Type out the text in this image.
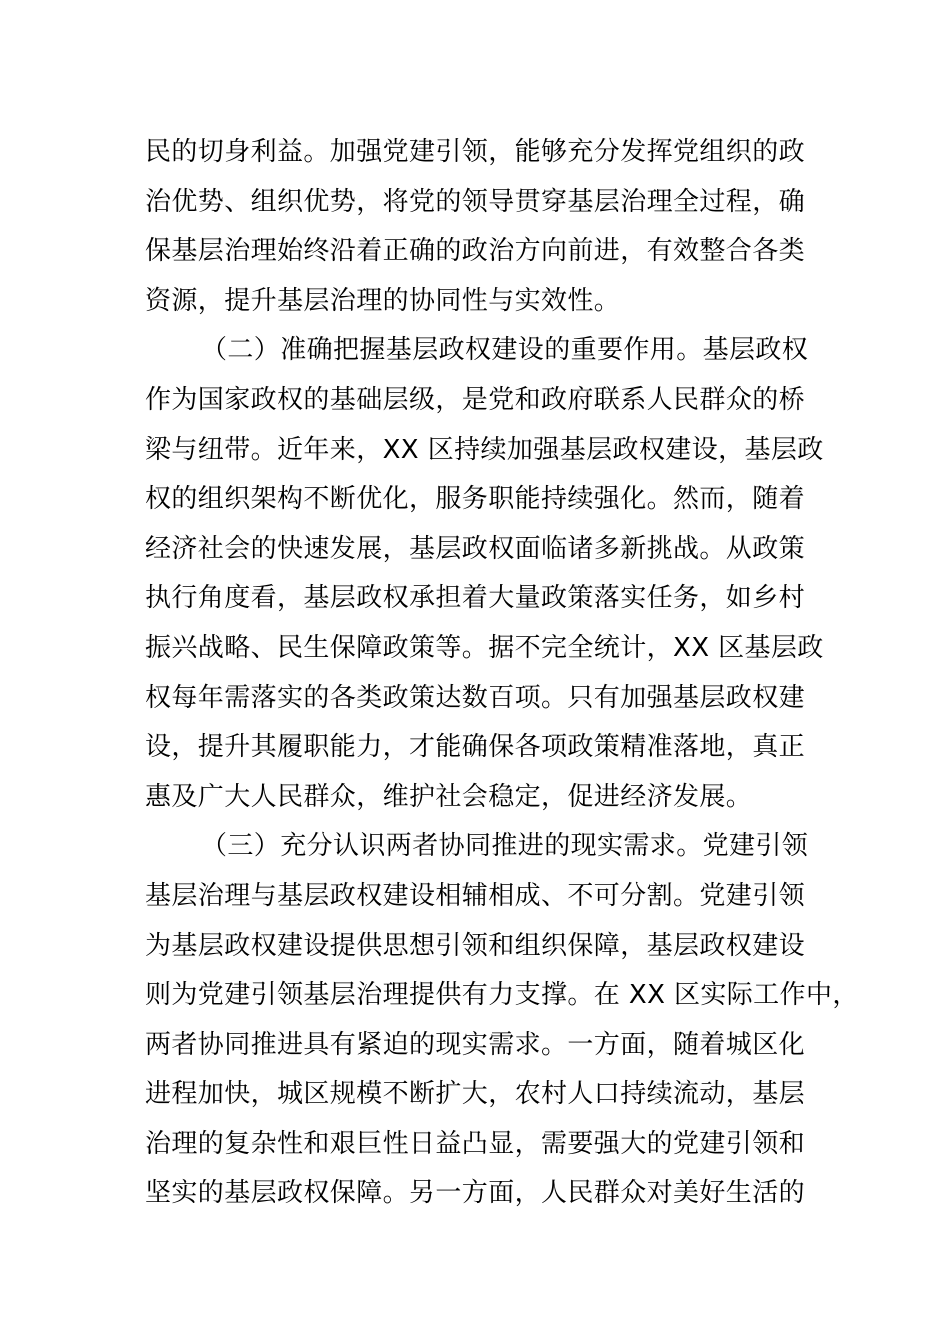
民的切身利益。加强党建引领，能够充分发挥党组织的政
治优势、组织优势，将党的领导贯穿基层治理全过程，确
保基层治理始终沿着正确的政治方向前进，有效整合各类
资源，提升基层治理的协同性与实效性。
（二）准确把握基层政权建设的重要作用。基层政权
作为国家政权的基础层级，是党和政府联系人民群众的桥
梁与纽带。近年来，XX 区持续加强基层政权建设，基层政
权的组织架构不断优化，服务职能持续强化。然而，随着
经济社会的快速发展，基层政权面临诸多新挑战。从政策
执行角度看，基层政权承担着大量政策落实任务，如乡村
振兴战略、民生保障政策等。据不完全统计，XX 区基层政
权每年需落实的各类政策达数百项。只有加强基层政权建
设，提升其履职能力，才能确保各项政策精准落地，真正
惠及广大人民群众，维护社会稳定，促进经济发展。
（三）充分认识两者协同推进的现实需求。党建引领
基层治理与基层政权建设相辅相成、不可分割。党建引领
为基层政权建设提供思想引领和组织保障，基层政权建设
则为党建引领基层治理提供有力支撑。在 XX 区实际工作中，
两者协同推进具有紧迫的现实需求。一方面，随着城区化
进程加快，城区规模不断扩大，农村人口持续流动，基层
治理的复杂性和艰巨性日益凸显，需要强大的党建引领和
坚实的基层政权保障。另一方面，人民群众对美好生活的
